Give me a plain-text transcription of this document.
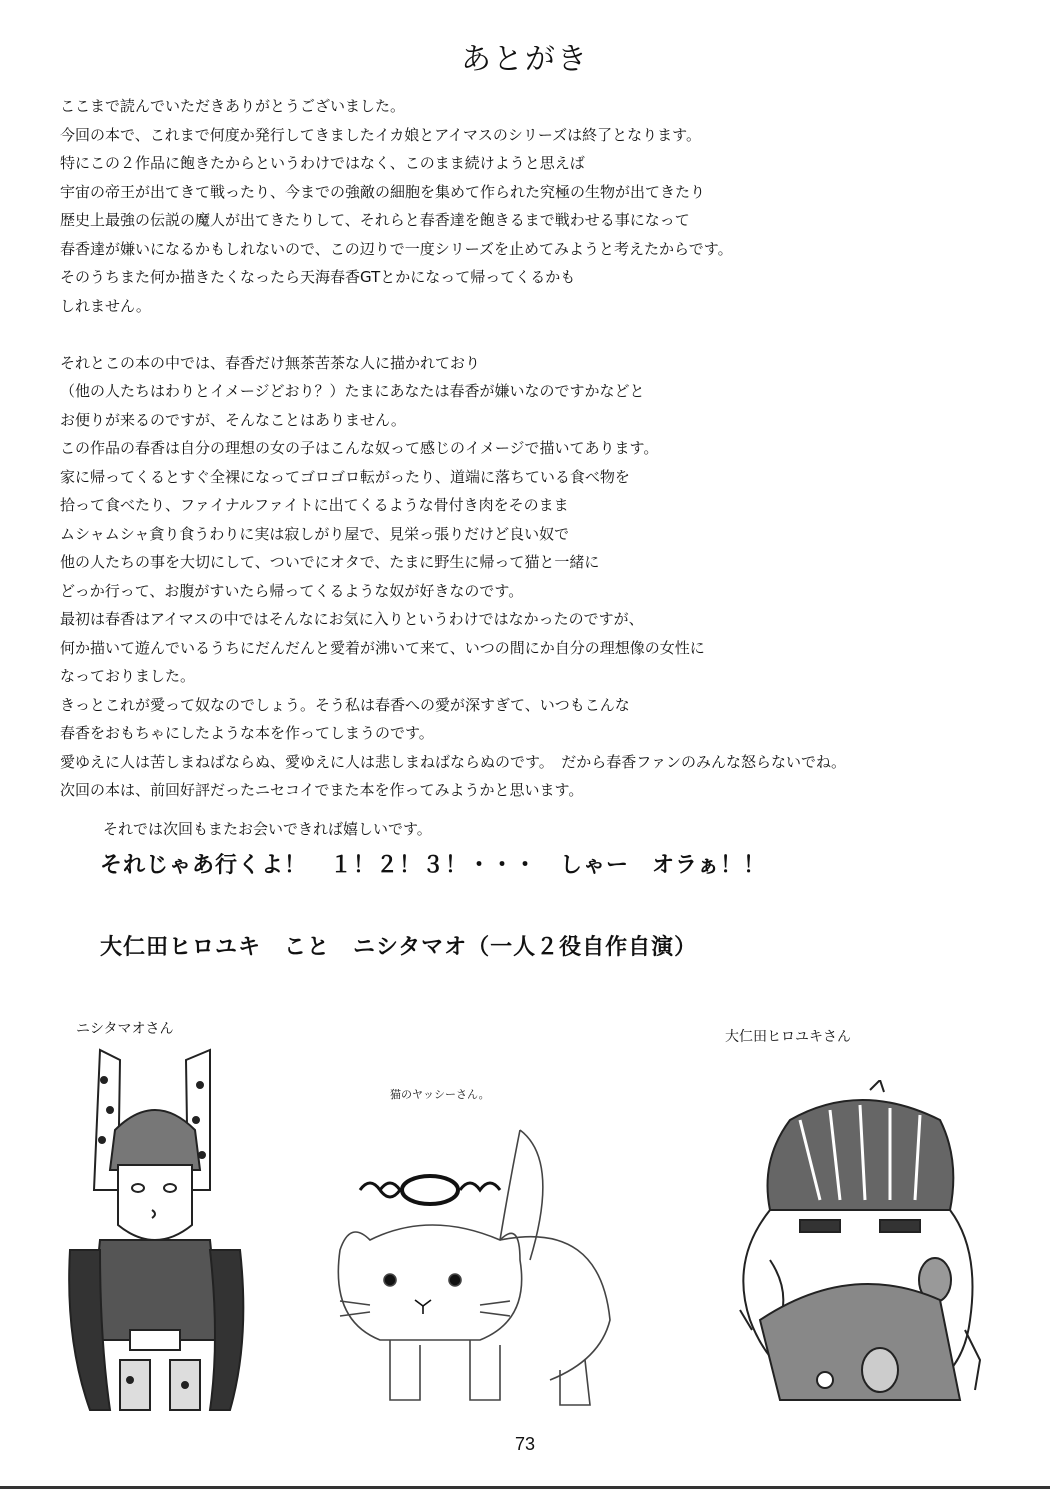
あとがき
ここまで読んでいただきありがとうございました。
今回の本で、これまで何度か発行してきましたイカ娘とアイマスのシリーズは終了となります。
特にこの２作品に飽きたからというわけではなく、このまま続けようと思えば
宇宙の帝王が出てきて戦ったり、今までの強敵の細胞を集めて作られた究極の生物が出てきたり
歴史上最強の伝説の魔人が出てきたりして、それらと春香達を飽きるまで戦わせる事になって
春香達が嫌いになるかもしれないので、この辺りで一度シリーズを止めてみようと考えたからです。
そのうちまた何か描きたくなったら天海春香GTとかになって帰ってくるかも
しれません。
それとこの本の中では、春香だけ無茶苦茶な人に描かれており
（他の人たちはわりとイメージどおり？）たまにあなたは春香が嫌いなのですかなどと
お便りが来るのですが、そんなことはありません。
この作品の春香は自分の理想の女の子はこんな奴って感じのイメージで描いてあります。
家に帰ってくるとすぐ全裸になってゴロゴロ転がったり、道端に落ちている食べ物を
拾って食べたり、ファイナルファイトに出てくるような骨付き肉をそのまま
ムシャムシャ貪り食うわりに実は寂しがり屋で、見栄っ張りだけど良い奴で
他の人たちの事を大切にして、ついでにオタで、たまに野生に帰って猫と一緒に
どっか行って、お腹がすいたら帰ってくるような奴が好きなのです。
最初は春香はアイマスの中ではそんなにお気に入りというわけではなかったのですが、
何か描いて遊んでいるうちにだんだんと愛着が沸いて来て、いつの間にか自分の理想像の女性に
なっておりました。
きっとこれが愛って奴なのでしょう。そう私は春香への愛が深すぎて、いつもこんな
春香をおもちゃにしたような本を作ってしまうのです。
愛ゆえに人は苦しまねばならぬ、愛ゆえに人は悲しまねばならぬのです。　だから春香ファンのみんな怒らないでね。
次回の本は、前回好評だったニセコイでまた本を作ってみようかと思います。
それでは次回もまたお会いできれば嬉しいです。
それじゃあ行くよ！　１！２！３！・・・　しゃー　オラぁ！！
大仁田ヒロユキ　こと　ニシタマオ（一人２役自作自演）
ニシタマオさん
猫のヤッシーさん。
大仁田ヒロユキさん
73
